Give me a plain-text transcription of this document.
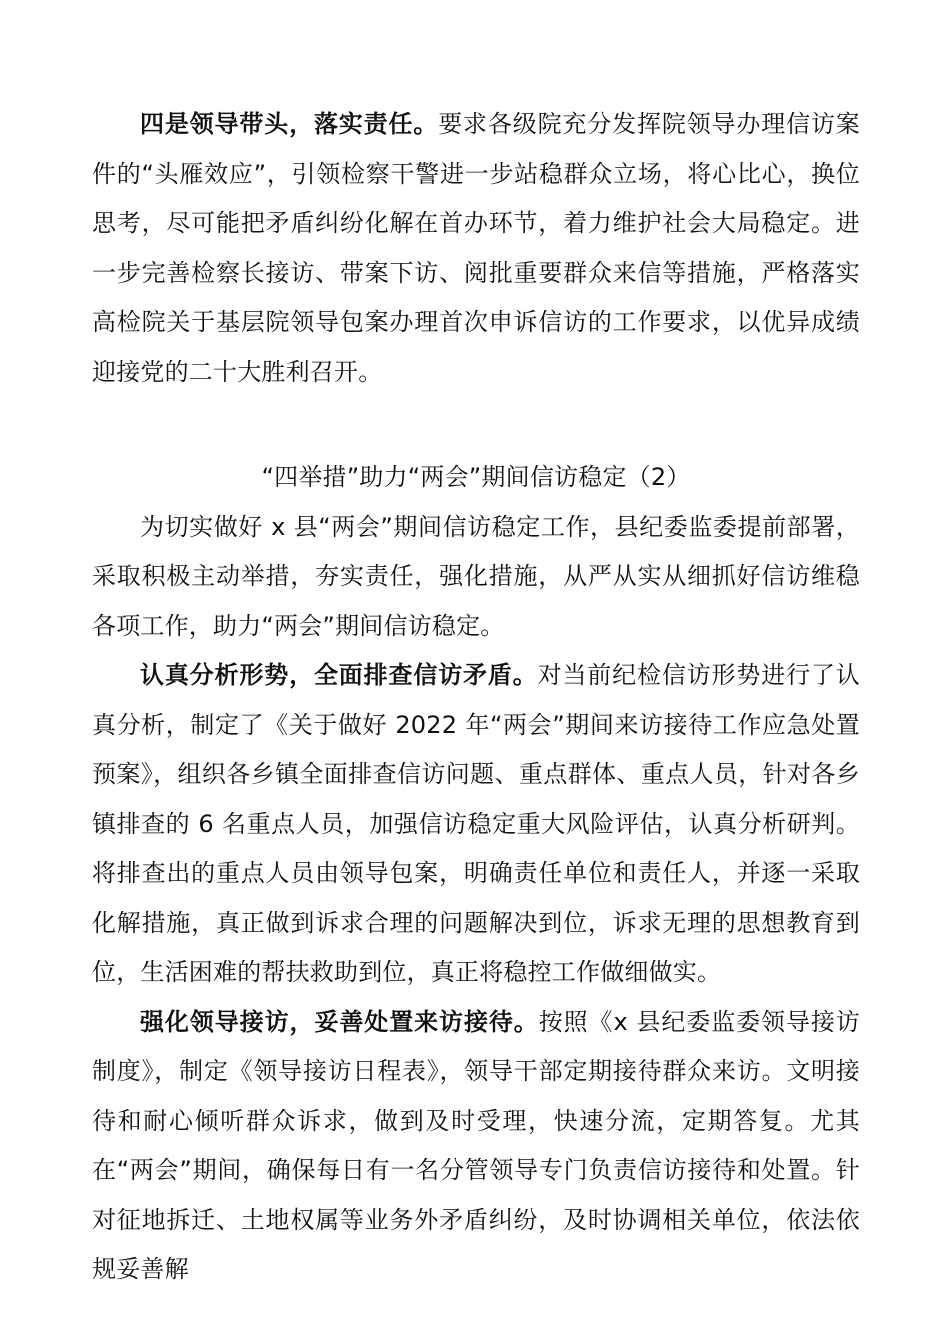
四是领导带头，落实责任。要求各级院充分发挥院领导办理信访案件的“头雁效应”，引领检察干警进一步站稳群众立场，将心比心，换位思考，尽可能把矛盾纠纷化解在首办环节，着力维护社会大局稳定。进一步完善检察长接访、带案下访、阅批重要群众来信等措施，严格落实高检院关于基层院领导包案办理首次申诉信访的工作要求，以优异成绩迎接党的二十大胜利召开。

“四举措”助力“两会”期间信访稳定（2）

为切实做好 x 县“两会”期间信访稳定工作，县纪委监委提前部署，采取积极主动举措，夯实责任，强化措施，从严从实从细抓好信访维稳各项工作，助力“两会”期间信访稳定。

认真分析形势，全面排查信访矛盾。对当前纪检信访形势进行了认真分析，制定了《关于做好 2022 年“两会”期间来访接待工作应急处置预案》，组织各乡镇全面排查信访问题、重点群体、重点人员，针对各乡镇排查的 6 名重点人员，加强信访稳定重大风险评估，认真分析研判。将排查出的重点人员由领导包案，明确责任单位和责任人，并逐一采取化解措施，真正做到诉求合理的问题解决到位，诉求无理的思想教育到位，生活困难的帮扶救助到位，真正将稳控工作做细做实。

强化领导接访，妥善处置来访接待。按照《x 县纪委监委领导接访制度》，制定《领导接访日程表》，领导干部定期接待群众来访。文明接待和耐心倾听群众诉求，做到及时受理，快速分流，定期答复。尤其在“两会”期间，确保每日有一名分管领导专门负责信访接待和处置。针对征地拆迁、土地权属等业务外矛盾纠纷，及时协调相关单位，依法依规妥善解
